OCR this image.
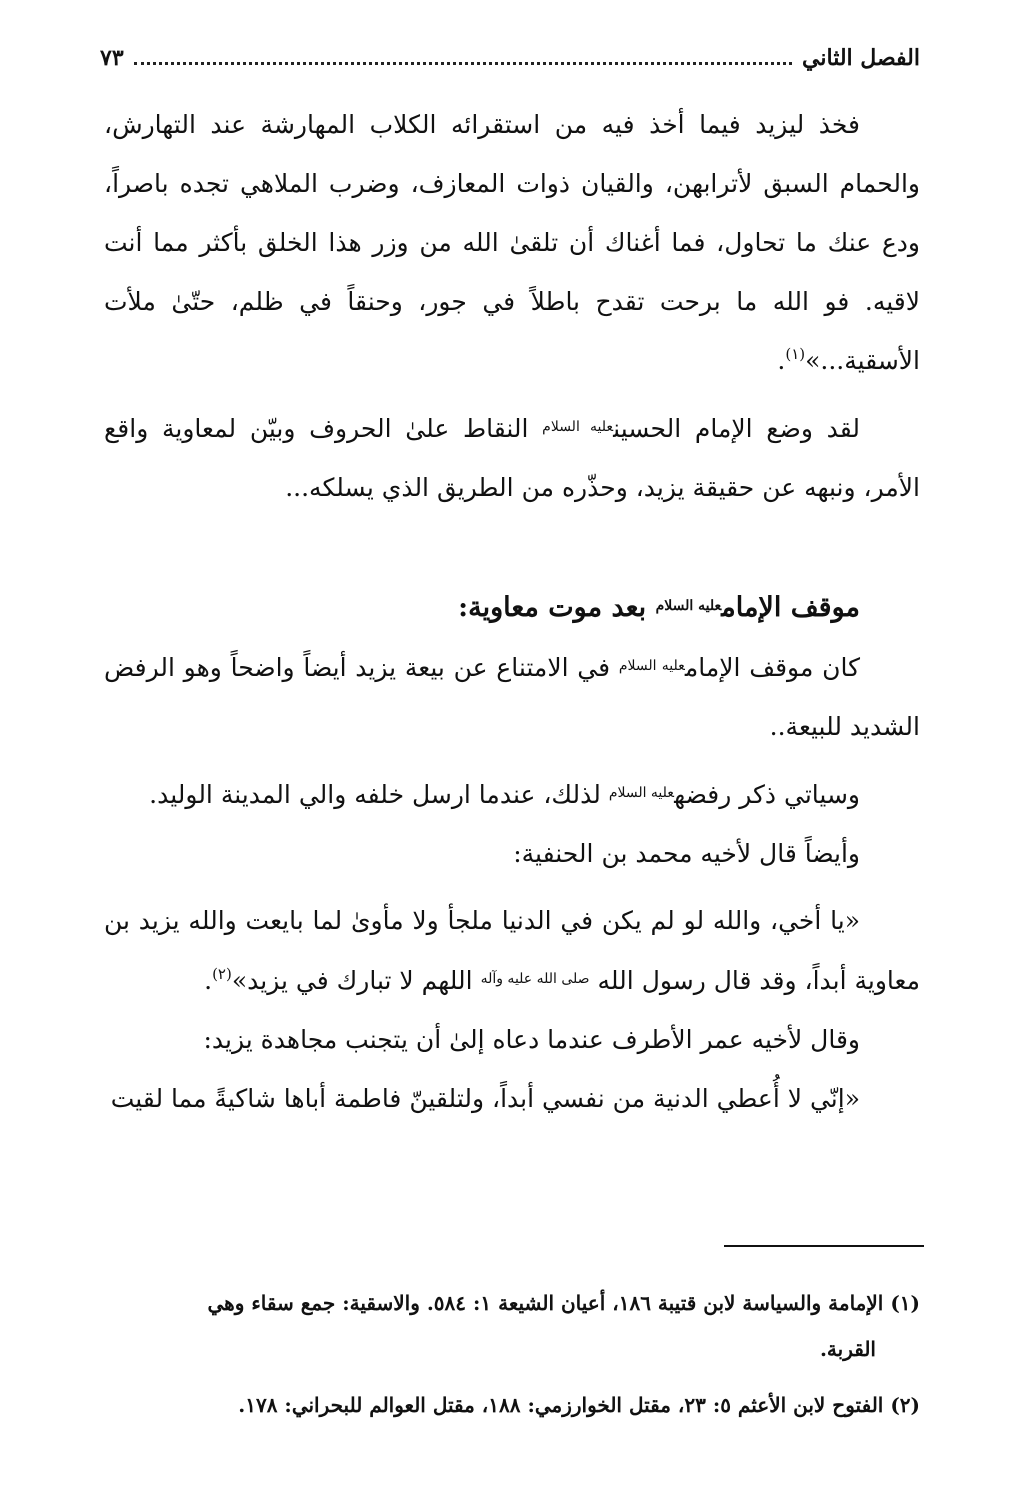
الفصل الثاني
٧٣

فخذ ليزيد فيما أخذ فيه من استقرائه الكلاب المهارشة عند التهارش، والحمام السبق لأترابهن، والقيان ذوات المعازف، وضرب الملاهي تجده باصراً، ودع عنك ما تحاول، فما أغناك أن تلقىٰ الله من وزر هذا الخلق بأكثر مما أنت لاقيه. فو الله ما برحت تقدح باطلاً في جور، وحنقاً في ظلم، حتّىٰ ملأت الأسقية...»$^{(١)}$.

لقد وضع الإمام الحسين$^{عليه السلام}$ النقاط علىٰ الحروف وبيّن لمعاوية واقع الأمر، ونبهه عن حقيقة يزيد، وحذّره من الطريق الذي يسلكه...

موقف الإمام$^{عليه السلام}$ بعد موت معاوية:

كان موقف الإمام$^{عليه السلام}$ في الامتناع عن بيعة يزيد أيضاً واضحاً وهو الرفض الشديد للبيعة..

وسياتي ذكر رفضه$^{عليه السلام}$ لذلك، عندما ارسل خلفه والي المدينة الوليد.

وأيضاً قال لأخيه محمد بن الحنفية:

«يا أخي، والله لو لم يكن في الدنيا ملجأ ولا مأوىٰ لما بايعت والله يزيد بن معاوية أبداً، وقد قال رسول الله $^{صلى الله عليه وآله}$ اللهم لا تبارك في يزيد»$^{(٢)}$.

وقال لأخيه عمر الأطرف عندما دعاه إلىٰ أن يتجنب مجاهدة يزيد:

«إنّي لا أُعطي الدنية من نفسي أبداً، ولتلقينّ فاطمة أباها شاكيةً مما لقيت

(١) الإمامة والسياسة لابن قتيبة ١٨٦، أعيان الشيعة ١: ٥٨٤. والاسقية: جمع سقاء وهي
القربة.

(٢) الفتوح لابن الأعثم ٥: ٢٣، مقتل الخوارزمي: ١٨٨، مقتل العوالم للبحراني: ١٧٨.
